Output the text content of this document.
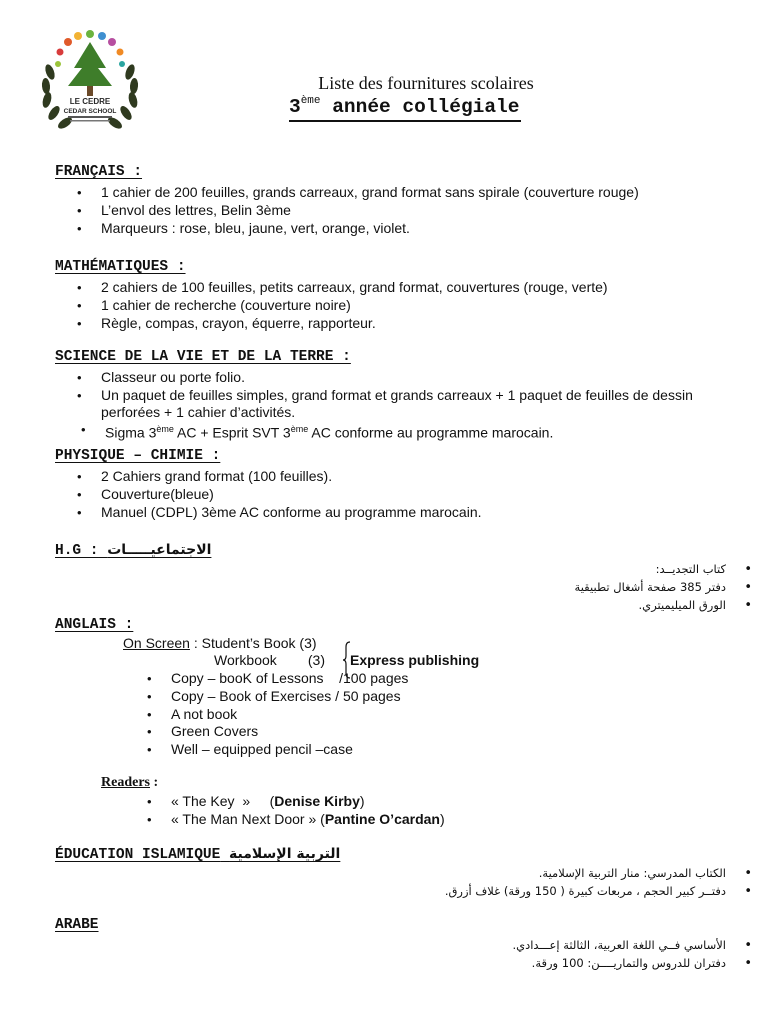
LE CEDRE
CEDAR SCHOOL
Liste des fournitures scolaires
3ème année collégiale
FRANÇAIS :
• 1 cahier de 200 feuilles, grands carreaux, grand format sans spirale (couverture rouge)
• L’envol des lettres, Belin 3ème
• Marqueurs : rose, bleu, jaune, vert, orange, violet.
MATHÉMATIQUES :
• 2 cahiers de 100 feuilles, petits carreaux, grand format, couvertures (rouge, verte)
• 1 cahier de recherche (couverture noire)
• Règle, compas, crayon, équerre, rapporteur.
SCIENCE DE LA VIE ET DE LA TERRE :
• Classeur ou porte folio.
• Un paquet de feuilles simples, grand format et grands carreaux + 1 paquet de feuilles de dessin perforées + 1 cahier d’activités.
• Sigma 3ème AC + Esprit SVT 3ème AC conforme au programme marocain.
PHYSIQUE – CHIMIE :
• 2 Cahiers grand format (100 feuilles).
• Couverture(bleue)
• Manuel (CDPL) 3ème AC conforme au programme marocain.
H.G : الاجتماعيـــــات
• كتاب التجديــد:
• دفتر 385 صفحة أشغال تطبيقية
• الورق الميليميتري.
ANGLAIS :
On Screen : Student’s Book (3)
Workbook        (3) Express publishing
• Copy – booK of Lessons    /100 pages
• Copy – Book of Exercises / 50 pages
• A not book
• Green Covers
• Well – equipped pencil –case
Readers :
• « The Key  »     (Denise Kirby)
• « The Man Next Door » (Pantine O’cardan)
ÉDUCATION ISLAMIQUE التربية الإسلامية
• الكتاب المدرسي: منار التربية الإسلامية.
• دفتــر كبير الحجم ، مربعات كبيرة ( 150 ورقة) غلاف أزرق.
ARABE
• الأساسي فــي اللغة العربية، الثالثة إعـــدادي.
• دفتران للدروس والتماريــــن: 100 ورقة.
